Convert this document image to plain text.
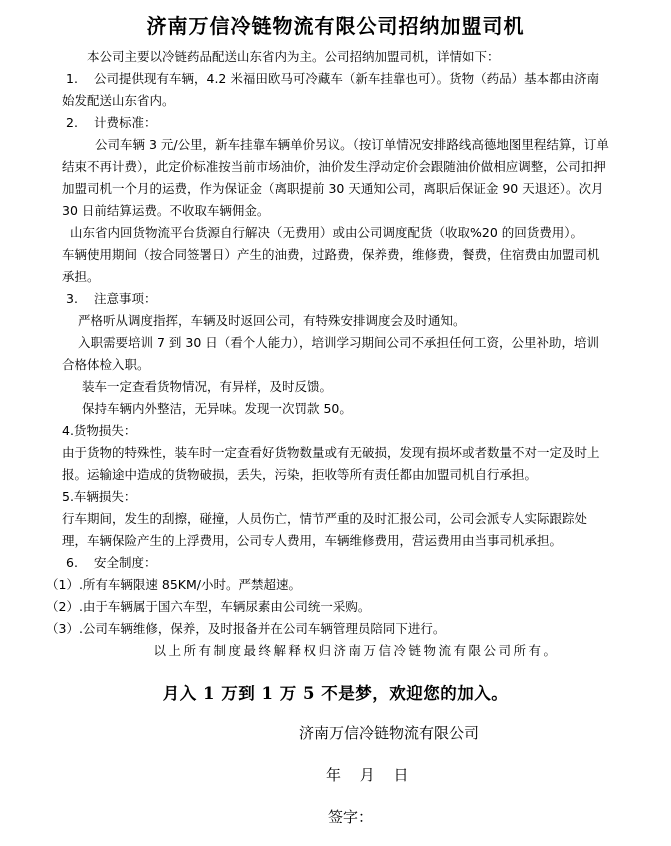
济南万信冷链物流有限公司招纳加盟司机

本公司主要以冷链药品配送山东省内为主。公司招纳加盟司机，详情如下：

1. 公司提供现有车辆，4.2 米福田欧马可冷藏车（新车挂靠也可）。货物（药品）基本都由济南始发配送山东省内。

2. 计费标准：

公司车辆 3 元/公里，新车挂靠车辆单价另议。（按订单情况安排路线高德地图里程结算，订单结束不再计费），此定价标准按当前市场油价，油价发生浮动定价会跟随油价做相应调整，公司扣押加盟司机一个月的运费，作为保证金（离职提前 30 天通知公司，离职后保证金 90 天退还）。次月 30 日前结算运费。不收取车辆佣金。

山东省内回货物流平台货源自行解决（无费用）或由公司调度配货（收取%20 的回货费用）。

车辆使用期间（按合同签署日）产生的油费，过路费，保养费，维修费，餐费，住宿费由加盟司机承担。

3. 注意事项：

严格听从调度指挥，车辆及时返回公司，有特殊安排调度会及时通知。

入职需要培训 7 到 30 日（看个人能力），培训学习期间公司不承担任何工资，公里补助，培训合格体检入职。

装车一定查看货物情况，有异样，及时反馈。

保持车辆内外整洁，无异味。发现一次罚款 50。

4.货物损失：

由于货物的特殊性，装车时一定查看好货物数量或有无破损，发现有损坏或者数量不对一定及时上报。运输途中造成的货物破损，丢失，污染，拒收等所有责任都由加盟司机自行承担。

5.车辆损失：

行车期间，发生的刮擦，碰撞，人员伤亡，情节严重的及时汇报公司，公司会派专人实际跟踪处理，车辆保险产生的上浮费用，公司专人费用，车辆维修费用，营运费用由当事司机承担。

6. 安全制度：

（1）.所有车辆限速 85KM/小时。严禁超速。

（2）.由于车辆属于国六车型，车辆尿素由公司统一采购。

（3）.公司车辆维修，保养，及时报备并在公司车辆管理员陪同下进行。

以上所有制度最终解释权归济南万信冷链物流有限公司所有。

月入 1 万到 1 万 5 不是梦，欢迎您的加入。
济南万信冷链物流有限公司
年 月 日
签字：
